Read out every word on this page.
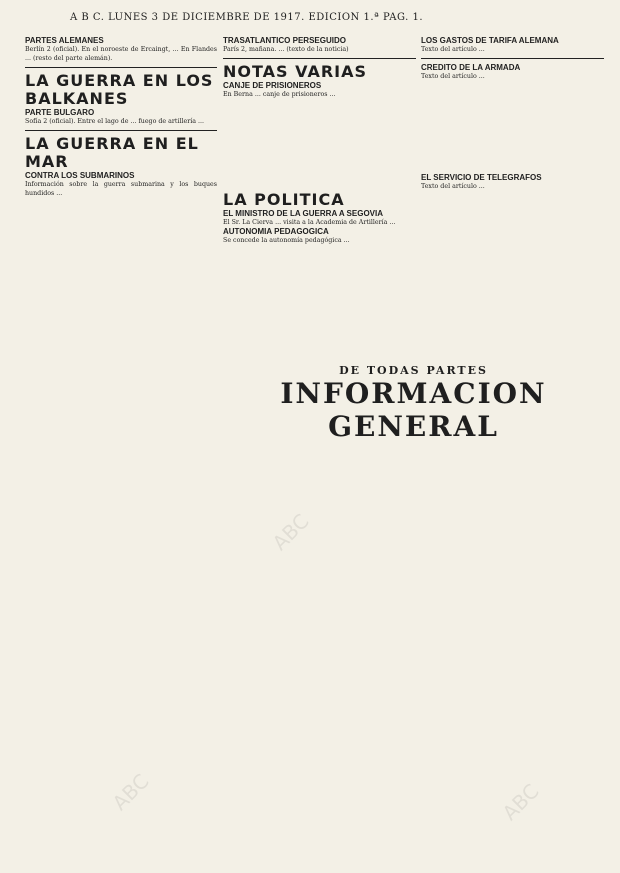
A B C. LUNES 3 DE DICIEMBRE DE 1917. EDICION 1.ª PAG. 1.
PARTES ALEMANES
Berlín 2 (oficial). En el noroeste de Ercaingt, ... En Flandes ... (resto del parte alemán).
LA GUERRA EN LOS BALKANES
PARTE BULGARO
Sofía 2 (oficial). Entre el lago de ... fuego de artillería ...
LA GUERRA EN EL MAR
CONTRA LOS SUBMARINOS
Información sobre la guerra submarina y los buques hundidos ...
TRASATLANTICO PERSEGUIDO
París 2, mañana. ... (texto de la noticia)
NOTAS VARIAS
CANJE DE PRISIONEROS
En Berna ... canje de prisioneros ...
LA POLITICA
EL MINISTRO DE LA GUERRA A SEGOVIA
El Sr. La Cierva ... visita a la Academia de Artillería ...
AUTONOMIA PEDAGOGICA
Se concede la autonomía pedagógica ...
LOS GASTOS DE TARIFA ALEMANA
Texto del artículo ...
CREDITO DE LA ARMADA
Texto del artículo ...
EL SERVICIO DE TELEGRAFOS
Texto del artículo ...
DE TODAS PARTES
INFORMACION GENERAL
ABC
ABC	ABC
